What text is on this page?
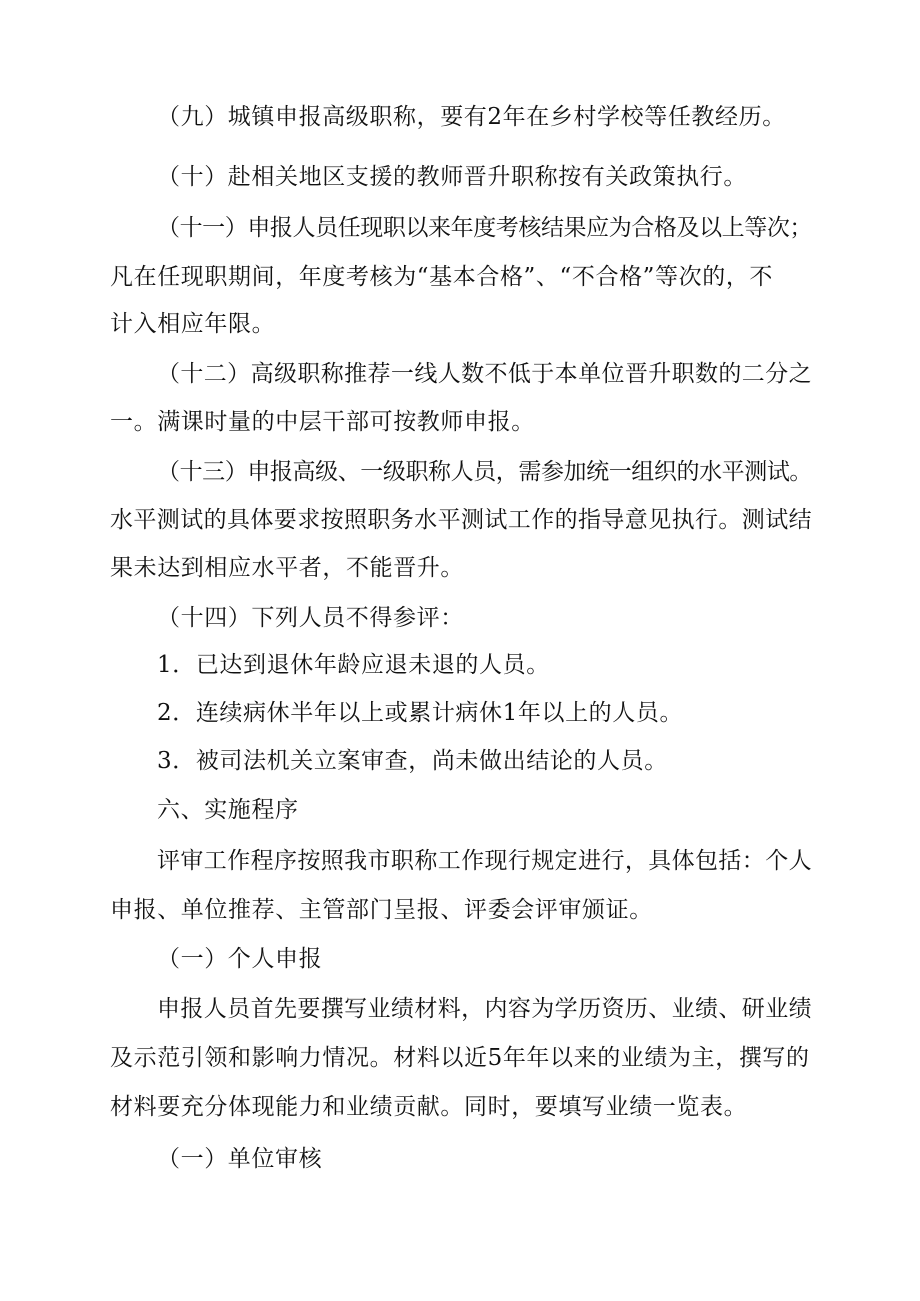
（九）城镇申报高级职称，要有2年在乡村学校等任教经历。
（十）赴相关地区支援的教师晋升职称按有关政策执行。
（十一）申报人员任现职以来年度考核结果应为合格及以上等次；
凡在任现职期间，年度考核为“基本合格”、“不合格”等次的，不
计入相应年限。
（十二）高级职称推荐一线人数不低于本单位晋升职数的二分之
一。满课时量的中层干部可按教师申报。
（十三）申报高级、一级职称人员，需参加统一组织的水平测试。
水平测试的具体要求按照职务水平测试工作的指导意见执行。测试结
果未达到相应水平者，不能晋升。
（十四）下列人员不得参评：
1．已达到退休年龄应退未退的人员。
2．连续病休半年以上或累计病休1年以上的人员。
3．被司法机关立案审查，尚未做出结论的人员。
六、实施程序
评审工作程序按照我市职称工作现行规定进行，具体包括：个人
申报、单位推荐、主管部门呈报、评委会评审颁证。
（一）个人申报
申报人员首先要撰写业绩材料，内容为学历资历、业绩、研业绩
及示范引领和影响力情况。材料以近5年年以来的业绩为主，撰写的
材料要充分体现能力和业绩贡献。同时，要填写业绩一览表。
（一）单位审核
